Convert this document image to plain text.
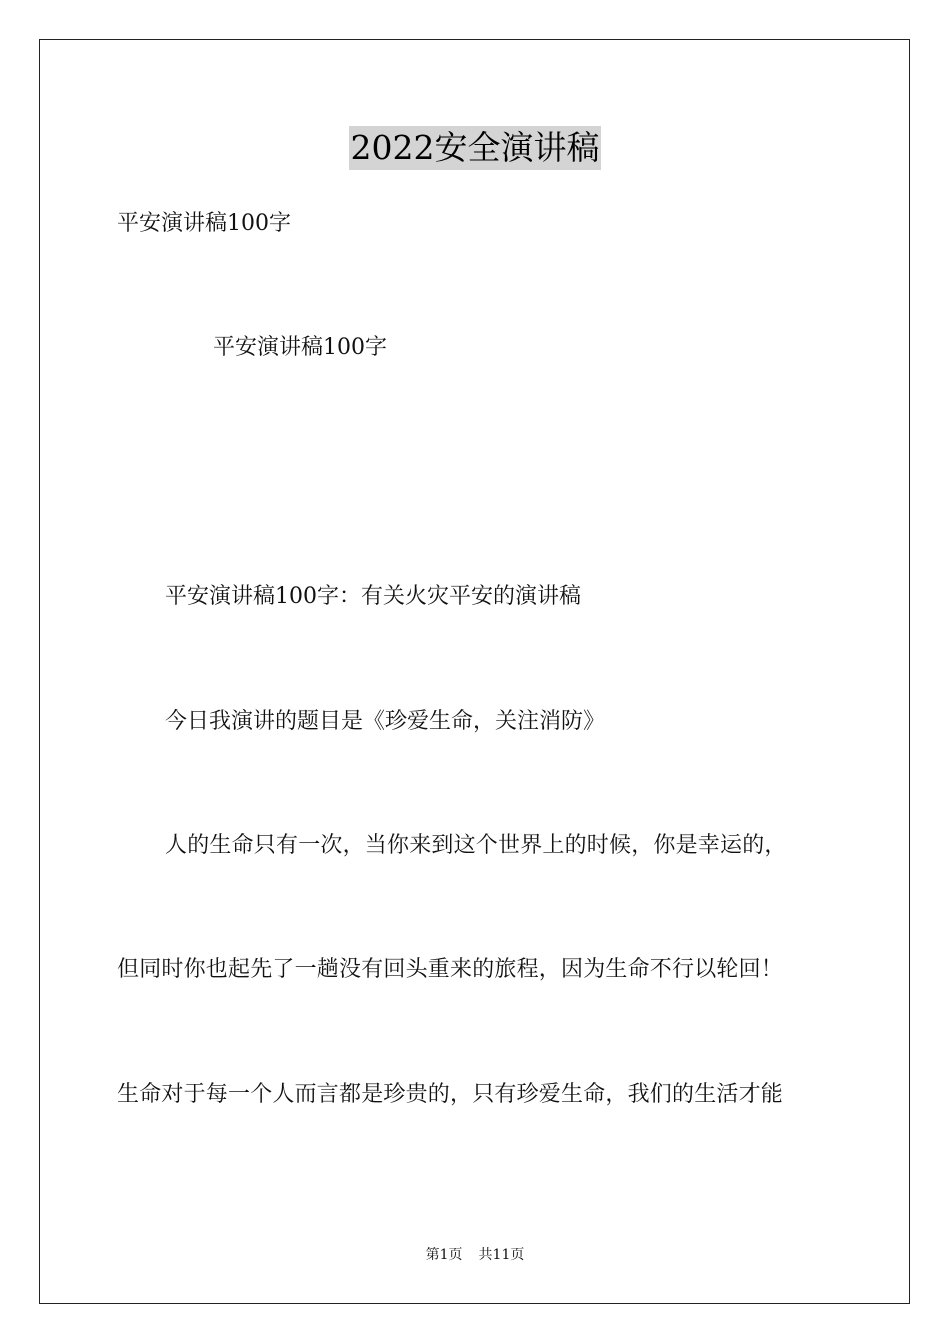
2022安全演讲稿
平安演讲稿100字
平安演讲稿100字
平安演讲稿100字：有关火灾平安的演讲稿
今日我演讲的题目是《珍爱生命，关注消防》
人的生命只有一次，当你来到这个世界上的时候，你是幸运的，
但同时你也起先了一趟没有回头重来的旅程，因为生命不行以轮回！
生命对于每一个人而言都是珍贵的，只有珍爱生命，我们的生活才能
第1页 共11页
